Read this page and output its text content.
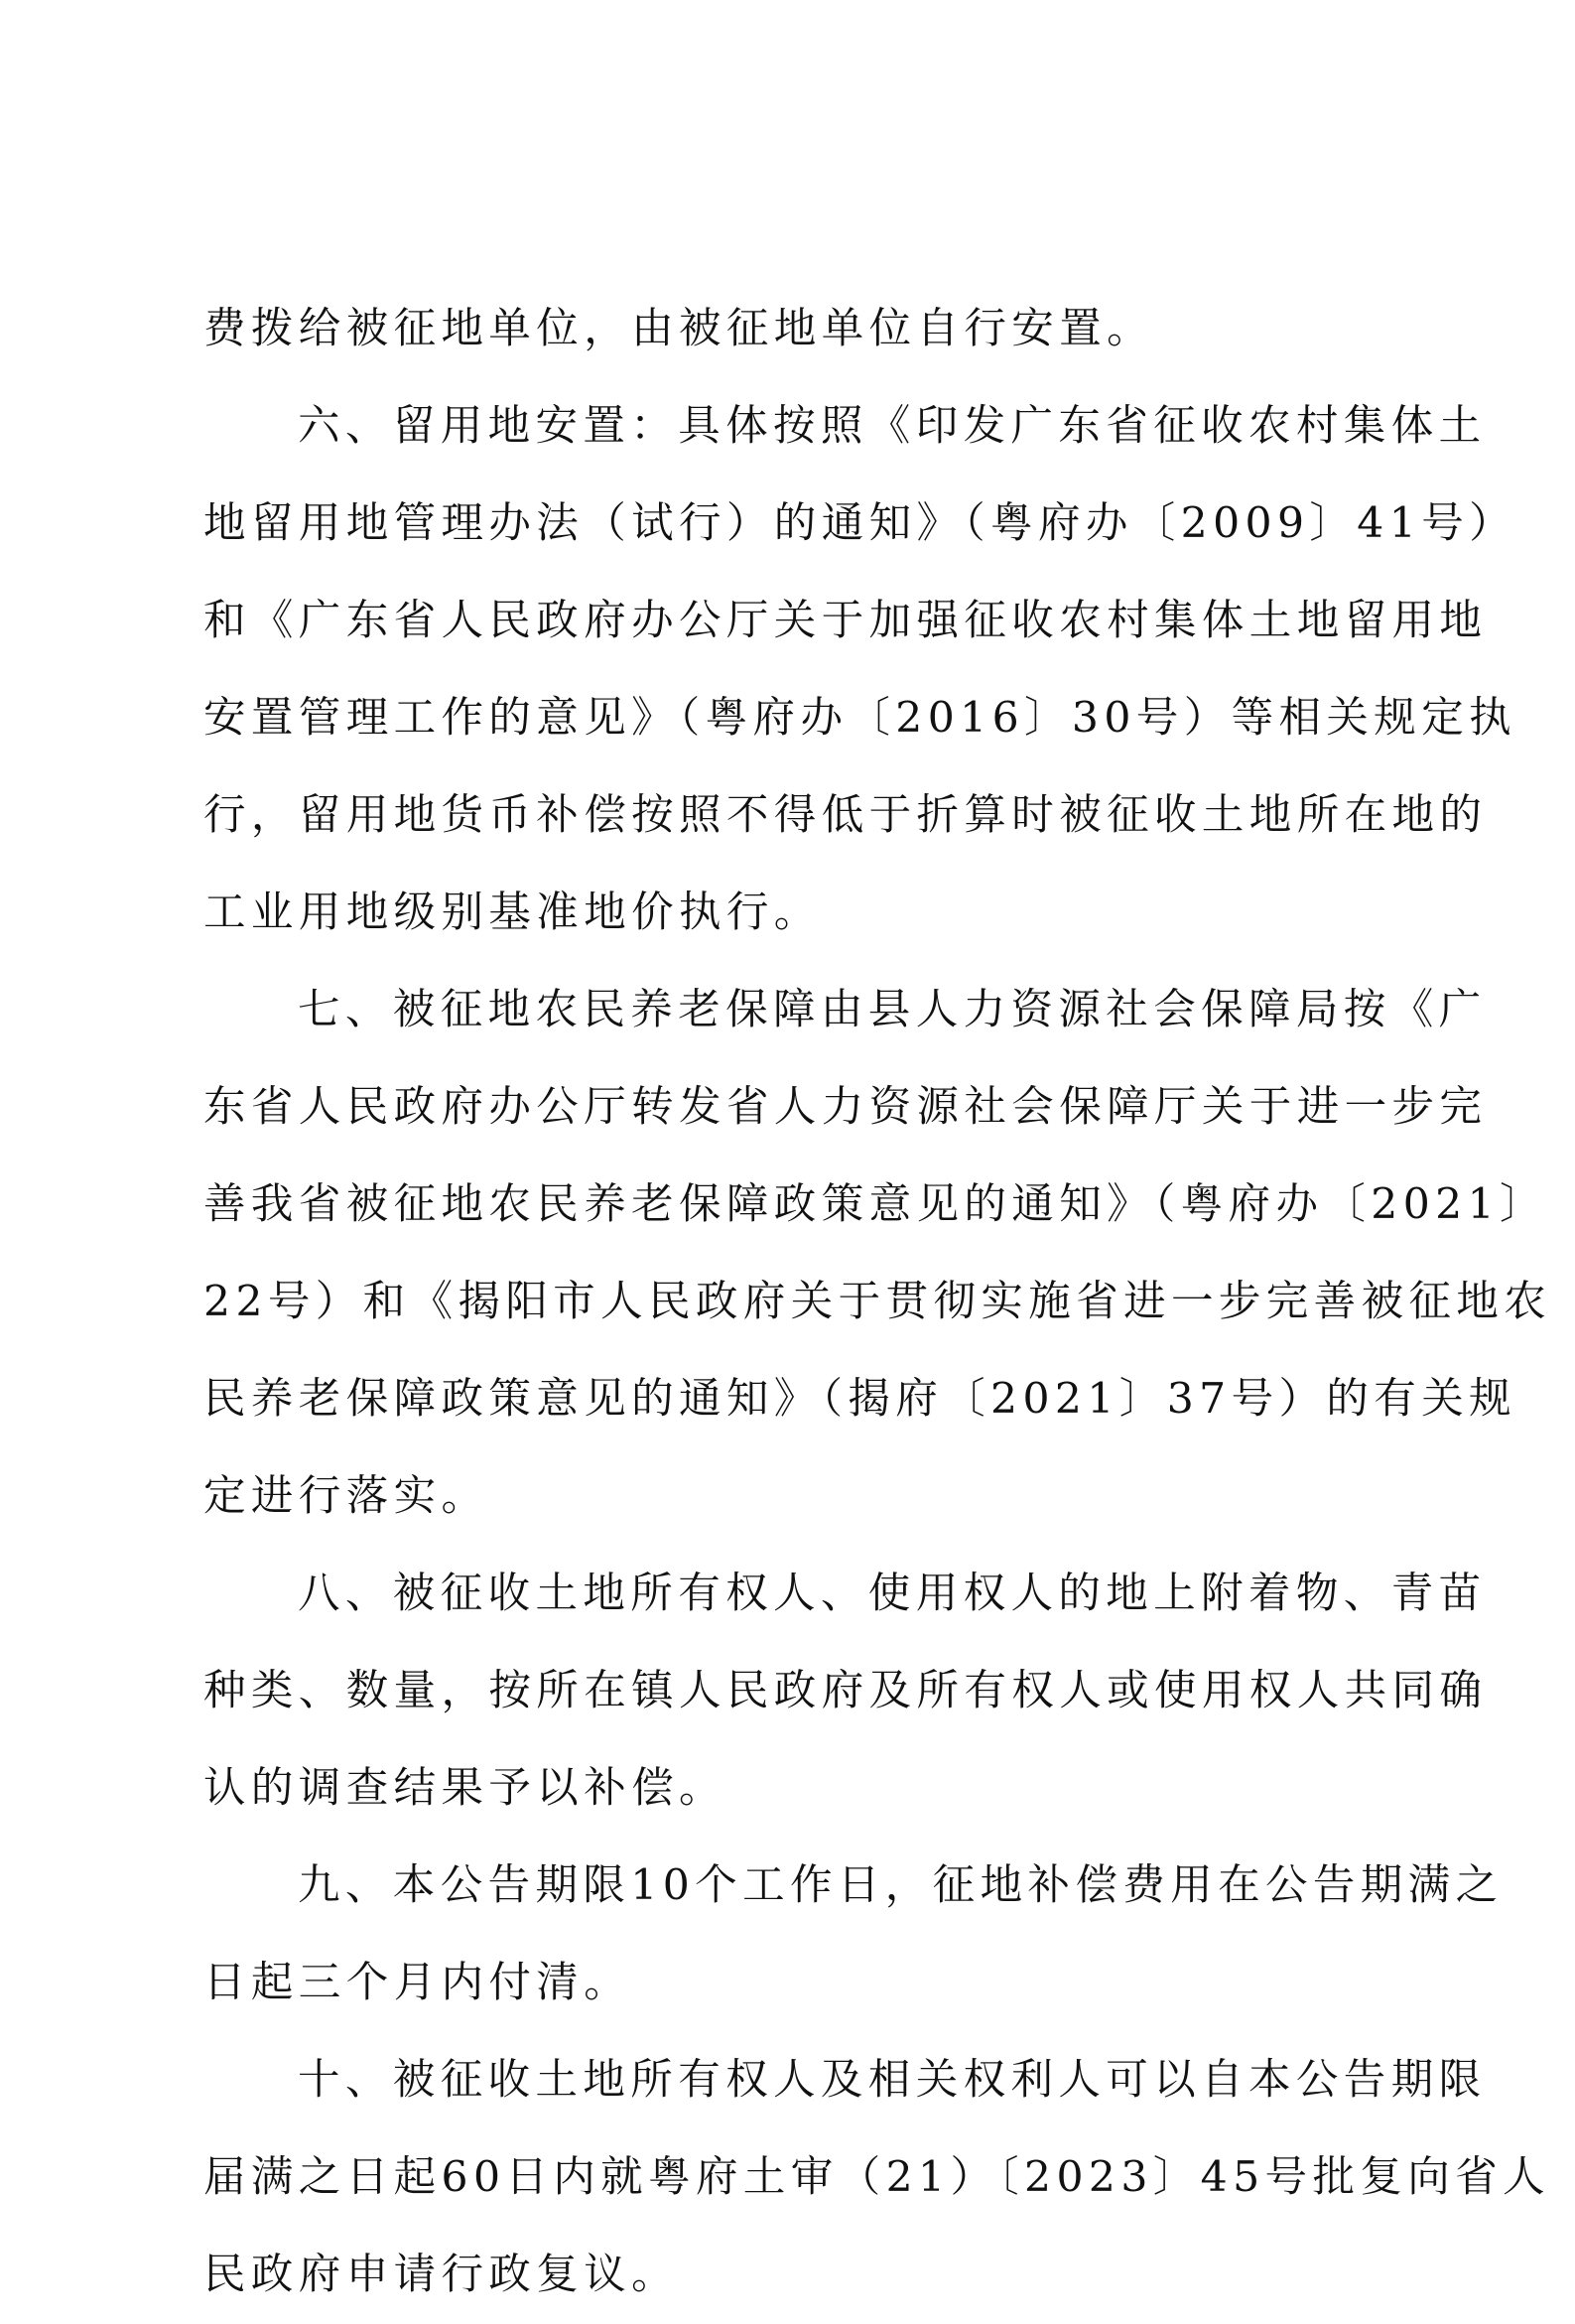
费拨给被征地单位，由被征地单位自行安置。
六、留用地安置：具体按照《印发广东省征收农村集体土
地留用地管理办法（试行）的通知》（粤府办〔2009〕41号）
和《广东省人民政府办公厅关于加强征收农村集体土地留用地
安置管理工作的意见》（粤府办〔2016〕30号）等相关规定执
行，留用地货币补偿按照不得低于折算时被征收土地所在地的
工业用地级别基准地价执行。
七、被征地农民养老保障由县人力资源社会保障局按《广
东省人民政府办公厅转发省人力资源社会保障厅关于进一步完
善我省被征地农民养老保障政策意见的通知》（粤府办〔2021〕
22号）和《揭阳市人民政府关于贯彻实施省进一步完善被征地农
民养老保障政策意见的通知》（揭府〔2021〕37号）的有关规
定进行落实。
八、被征收土地所有权人、使用权人的地上附着物、青苗
种类、数量，按所在镇人民政府及所有权人或使用权人共同确
认的调查结果予以补偿。
九、本公告期限10个工作日，征地补偿费用在公告期满之
日起三个月内付清。
十、被征收土地所有权人及相关权利人可以自本公告期限
届满之日起60日内就粤府土审（21）〔2023〕45号批复向省人
民政府申请行政复议。
